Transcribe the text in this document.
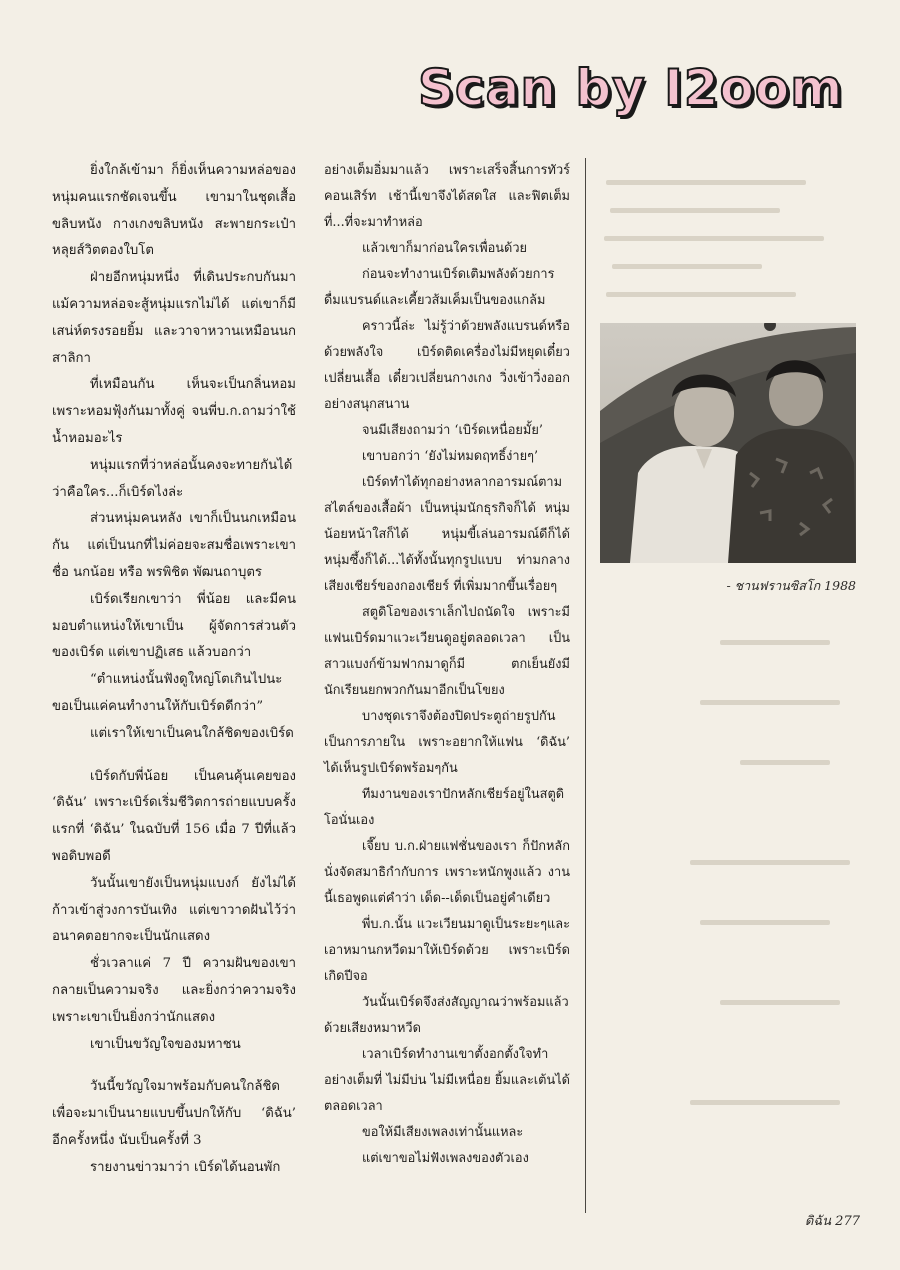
Scan by I2oom

ยิ่งใกล้เข้ามา ก็ยิ่งเห็นความหล่อของหนุ่มคนแรกชัดเจนขึ้น เขามาในชุดเสื้อขลิบหนัง กางเกงขลิบหนัง สะพายกระเป๋าหลุยส์วิตตองใบโต

ฝ่ายอีกหนุ่มหนึ่ง ที่เดินประกบกันมา แม้ความหล่อจะสู้หนุ่มแรกไม่ได้ แต่เขาก็มีเสน่ห์ตรงรอยยิ้ม และวาจาหวานเหมือนนกสาลิกา

ที่เหมือนกัน เห็นจะเป็นกลิ่นหอมเพราะหอมฟุ้งกันมาทั้งคู่ จนพี่บ.ก.ถามว่าใช้น้ำหอมอะไร

หนุ่มแรกที่ว่าหล่อนั้นคงจะทายกันได้ว่าคือใคร...ก็เบิร์ดไงล่ะ

ส่วนหนุ่มคนหลัง เขาก็เป็นนกเหมือนกัน แต่เป็นนกที่ไม่ค่อยจะสมชื่อเพราะเขาชื่อ นกน้อย หรือ พรพิชิต พัฒนถาบุตร

เบิร์ดเรียกเขาว่า พี่น้อย และมีคนมอบตำแหน่งให้เขาเป็น ผู้จัดการส่วนตัวของเบิร์ด แต่เขาปฏิเสธ แล้วบอกว่า

“ตำแหน่งนั้นฟังดูใหญ่โตเกินไปนะ ขอเป็นแค่คนทำงานให้กับเบิร์ดดีกว่า”

แต่เราให้เขาเป็นคนใกล้ชิดของเบิร์ด

เบิร์ดกับพี่น้อย เป็นคนคุ้นเคยของ ‘ดิฉัน’ เพราะเบิร์ดเริ่มชีวิตการถ่ายแบบครั้งแรกที่ ‘ดิฉัน’ ในฉบับที่ 156 เมื่อ 7 ปีที่แล้วพอดิบพอดี

วันนั้นเขายังเป็นหนุ่มแบงก์ ยังไม่ได้ก้าวเข้าสู่วงการบันเทิง แต่เขาวาดฝันไว้ว่า อนาคตอยากจะเป็นนักแสดง

ชั่วเวลาแค่ 7 ปี ความฝันของเขากลายเป็นความจริง และยิ่งกว่าความจริงเพราะเขาเป็นยิ่งกว่านักแสดง

เขาเป็นขวัญใจของมหาชน

วันนี้ขวัญใจมาพร้อมกับคนใกล้ชิดเพื่อจะมาเป็นนายแบบขึ้นปกให้กับ ‘ดิฉัน’ อีกครั้งหนึ่ง นับเป็นครั้งที่ 3

รายงานข่าวมาว่า เบิร์ดได้นอนพัก

อย่างเต็มอิ่มมาแล้ว เพราะเสร็จสิ้นการทัวร์คอนเสิร์ท เช้านี้เขาจึงได้สดใส และฟิตเต็มที่...ที่จะมาทำหล่อ

แล้วเขาก็มาก่อนใครเพื่อนด้วย

ก่อนจะทำงานเบิร์ดเติมพลังด้วยการดื่มแบรนด์และเคี้ยวส้มเค็มเป็นของแกล้ม

คราวนี้ล่ะ ไม่รู้ว่าด้วยพลังแบรนด์หรือด้วยพลังใจ เบิร์ดติดเครื่องไม่มีหยุดเดี๋ยวเปลี่ยนเสื้อ เดี๋ยวเปลี่ยนกางเกง วิ่งเข้าวิ่งออกอย่างสนุกสนาน

จนมีเสียงถามว่า ‘เบิร์ดเหนื่อยมั้ย’

เขาบอกว่า ‘ยังไม่หมดฤทธิ์ง่ายๆ’

เบิร์ดทำได้ทุกอย่างหลากอารมณ์ตามสไตล์ของเสื้อผ้า เป็นหนุ่มนักธุรกิจก็ได้ หนุ่มน้อยหน้าใสก็ได้ หนุ่มขี้เล่นอารมณ์ดีก็ได้ หนุ่มซึ้งก็ได้...ได้ทั้งนั้นทุกรูปแบบ ท่ามกลางเสียงเชียร์ของกองเชียร์ ที่เพิ่มมากขึ้นเรื่อยๆ

สตูดิโอของเราเล็กไปถนัดใจ เพราะมีแฟนเบิร์ดมาแวะเวียนดูอยู่ตลอดเวลา เป็นสาวแบงก์ข้ามฟากมาดูก็มี ตกเย็นยังมีนักเรียนยกพวกกันมาอีกเป็นโขยง

บางชุดเราจึงต้องปิดประตูถ่ายรูปกันเป็นการภายใน เพราะอยากให้แฟน ‘ดิฉัน’ ได้เห็นรูปเบิร์ดพร้อมๆกัน

ทีมงานของเราปักหลักเชียร์อยู่ในสตูดิโอนั่นเอง

เจี๊ยบ บ.ก.ฝ่ายแฟชั่นของเรา ก็ปักหลักนั่งจัดสมาธิกำกับการ เพราะหนักพูงแล้ว งานนี้เธอพูดแต่คำว่า เด็ด--เด็ดเป็นอยู่คำเดียว

พี่บ.ก.นั้น แวะเวียนมาดูเป็นระยะๆและเอาหมานกหวีดมาให้เบิร์ดด้วย เพราะเบิร์ดเกิดปีจอ

วันนั้นเบิร์ดจึงส่งสัญญาณว่าพร้อมแล้วด้วยเสียงหมาหวีด

เวลาเบิร์ดทำงานเขาตั้งอกตั้งใจทำอย่างเต็มที่ ไม่มีบ่น ไม่มีเหนื่อย ยิ้มและเต้นได้ตลอดเวลา

ขอให้มีเสียงเพลงเท่านั้นแหละ

แต่เขาขอไม่ฟังเพลงของตัวเอง

- ชานฟรานซิสโก 1988
ดิฉัน 277
